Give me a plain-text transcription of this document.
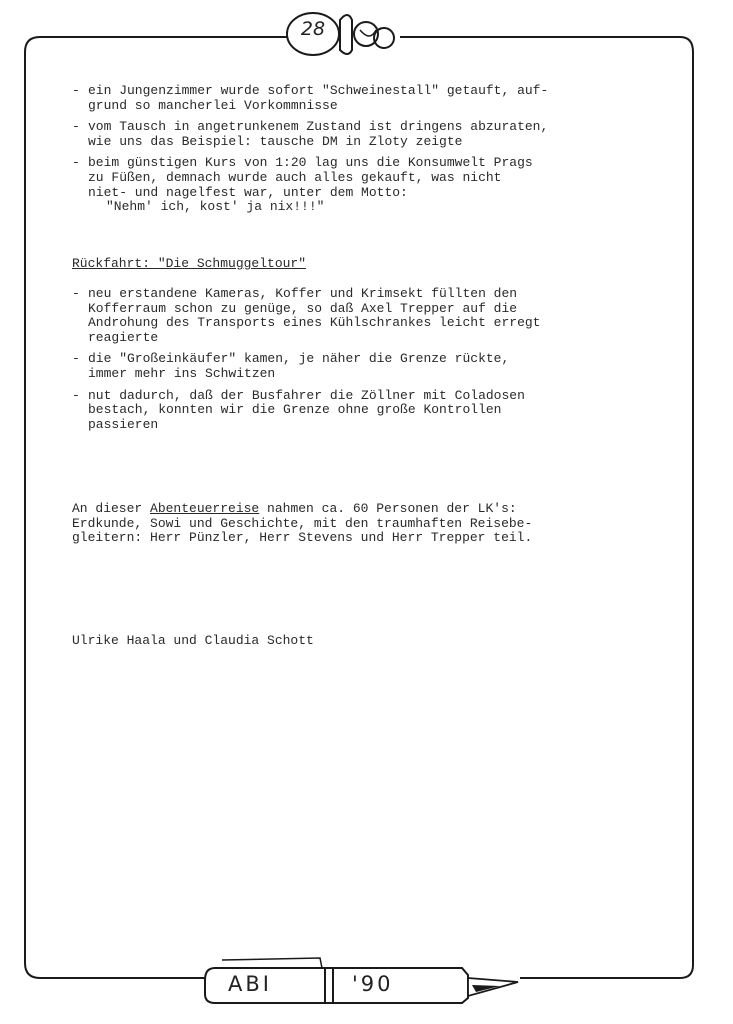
28
- ein Jungenzimmer wurde sofort "Schweinestall" getauft, auf-
grund so mancherlei Vorkommnisse
- vom Tausch in angetrunkenem Zustand ist dringens abzuraten,
wie uns das Beispiel: tausche DM in Zloty zeigte
- beim günstigen Kurs von 1:20 lag uns die Konsumwelt Prags
zu Füßen, demnach wurde auch alles gekauft, was nicht
niet- und nagelfest war, unter dem Motto:
"Nehm' ich, kost' ja nix!!!"
Rückfahrt: "Die Schmuggeltour"
- neu erstandene Kameras, Koffer und Krimsekt füllten den
Kofferraum schon zu genüge, so daß Axel Trepper auf die
Androhung des Transports eines Kühlschrankes leicht erregt
reagierte
- die "Großeinkäufer" kamen, je näher die Grenze rückte,
immer mehr ins Schwitzen
- nut dadurch, daß der Busfahrer die Zöllner mit Coladosen
bestach, konnten wir die Grenze ohne große Kontrollen
passieren
An dieser Abenteuerreise nahmen ca. 60 Personen der LK's:
Erdkunde, Sowi und Geschichte, mit den traumhaften Reisebe-
gleitern: Herr Pünzler, Herr Stevens und Herr Trepper teil.
Ulrike Haala und Claudia Schott
ABI	'90
